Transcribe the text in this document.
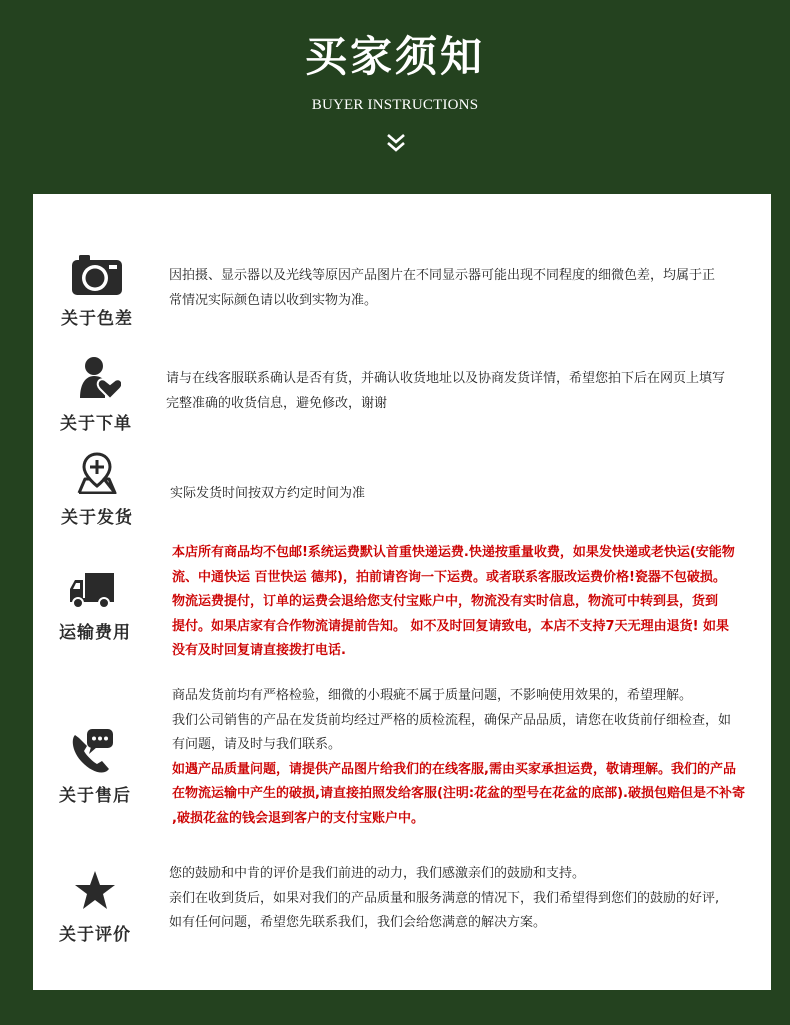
买家须知
BUYER INSTRUCTIONS
关于色差

因拍摄、显示器以及光线等原因产品图片在不同显示器可能出现不同程度的细微色差，均属于正

常情况实际颜色请以收到实物为准。

关于下单

请与在线客服联系确认是否有货，并确认收货地址以及协商发货详情，希望您拍下后在网页上填写

完整准确的收货信息，避免修改，谢谢

关于发货

实际发货时间按双方约定时间为准

运输费用

本店所有商品均不包邮!系统运费默认首重快递运费.快递按重量收费，如果发快递或老快运(安能物

流、中通快运 百世快运 德邦)，拍前请咨询一下运费。或者联系客服改运费价格!瓷器不包破损。

物流运费提付，订单的运费会退给您支付宝账户中，物流没有实时信息，物流可中转到县，货到

提付。如果店家有合作物流请提前告知。 如不及时回复请致电，本店不支持7天无理由退货! 如果

没有及时回复请直接拨打电话.

关于售后

商品发货前均有严格检验，细微的小瑕疵不属于质量问题，不影响使用效果的，希望理解。

我们公司销售的产品在发货前均经过严格的质检流程，确保产品品质，请您在收货前仔细检查，如

有问题，请及时与我们联系。

如遇产品质量问题，请提供产品图片给我们的在线客服,需由买家承担运费，敬请理解。我们的产品

在物流运输中产生的破损,请直接拍照发给客服(注明:花盆的型号在花盆的底部).破损包赔但是不补寄

,破损花盆的钱会退到客户的支付宝账户中。

关于评价

您的鼓励和中肯的评价是我们前进的动力，我们感激亲们的鼓励和支持。

亲们在收到货后，如果对我们的产品质量和服务满意的情况下，我们希望得到您们的鼓励的好评,

如有任何问题，希望您先联系我们，我们会给您满意的解决方案。
